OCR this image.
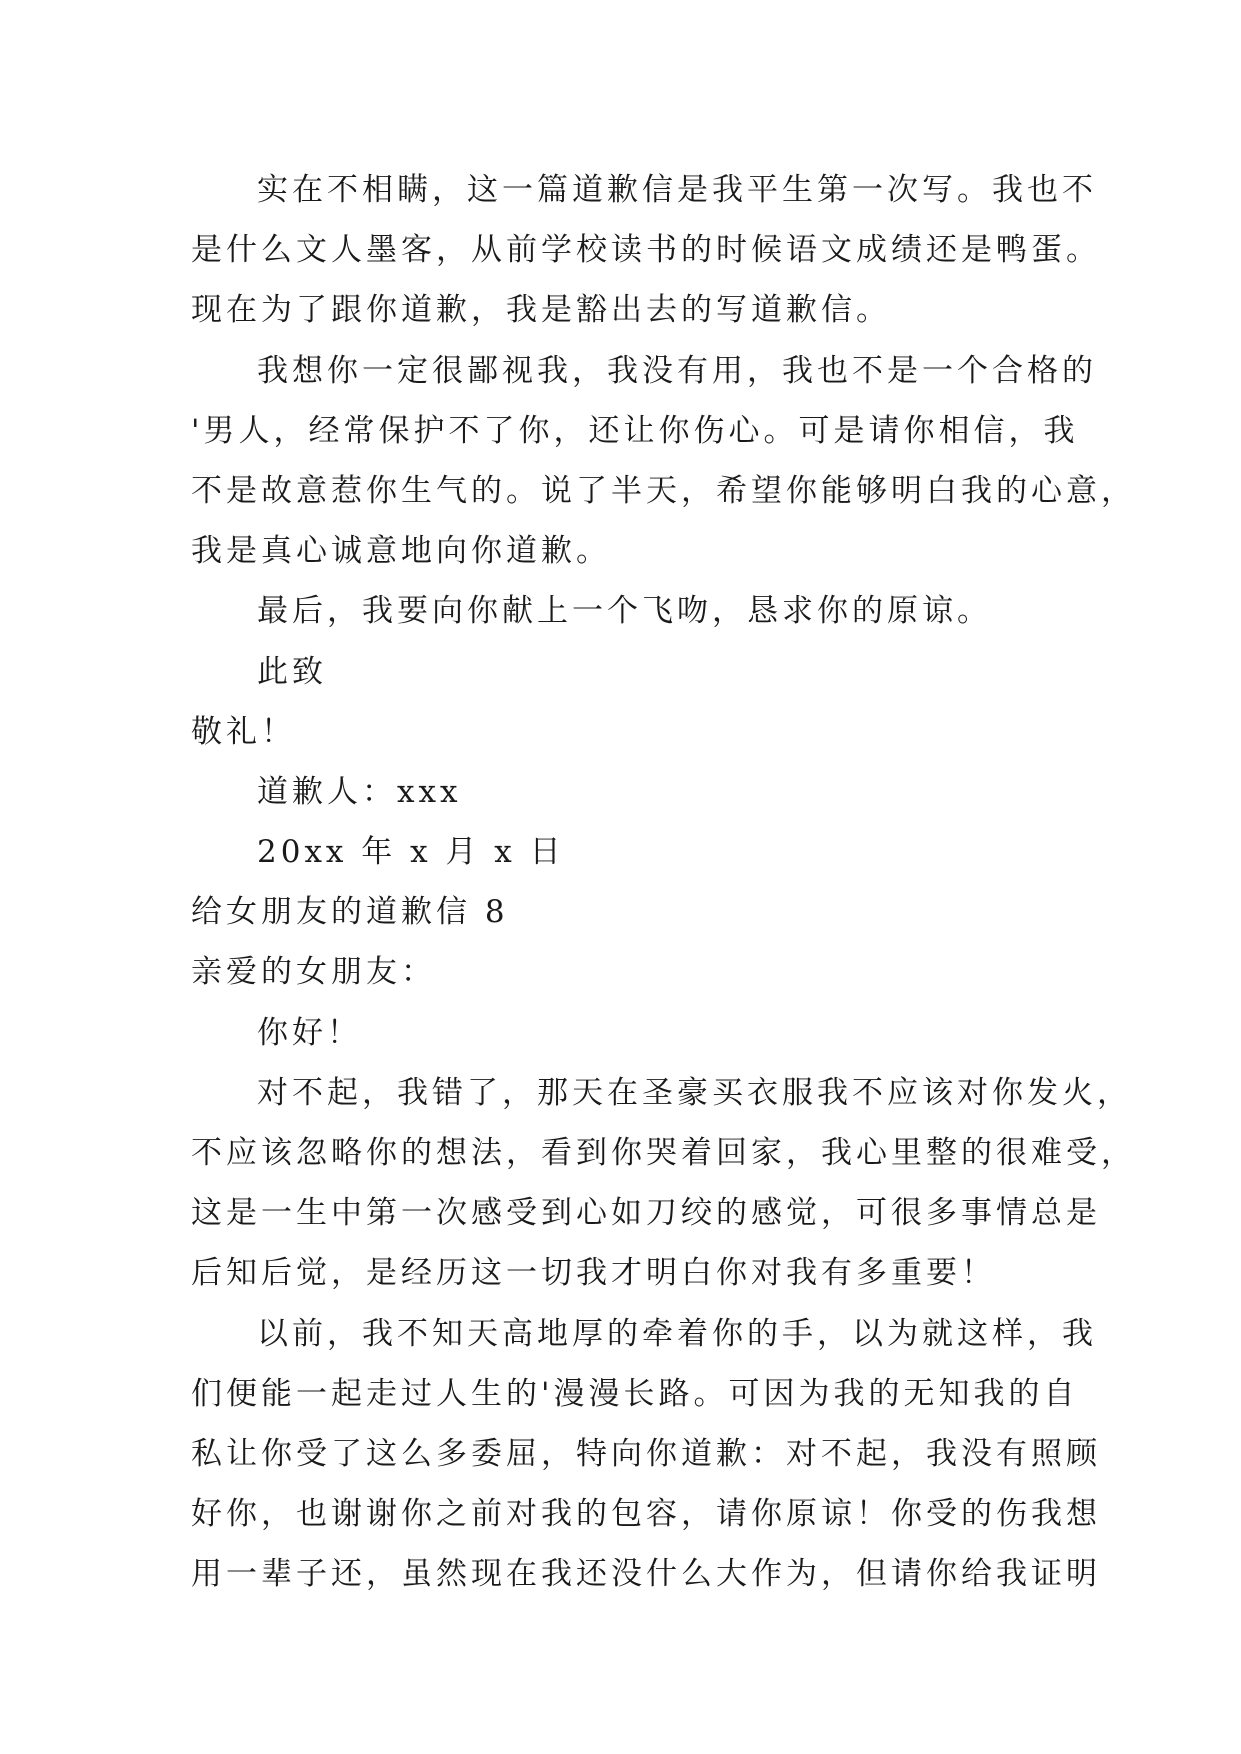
实在不相瞒，这一篇道歉信是我平生第一次写。我也不
是什么文人墨客，从前学校读书的时候语文成绩还是鸭蛋。
现在为了跟你道歉，我是豁出去的写道歉信。
我想你一定很鄙视我，我没有用，我也不是一个合格的
'男人，经常保护不了你，还让你伤心。可是请你相信，我
不是故意惹你生气的。说了半天，希望你能够明白我的心意，
我是真心诚意地向你道歉。
最后，我要向你献上一个飞吻，恳求你的原谅。
此致
敬礼！
道歉人：xxx
20xx 年 x 月 x 日
给女朋友的道歉信 8
亲爱的女朋友：
你好！
对不起，我错了，那天在圣豪买衣服我不应该对你发火，
不应该忽略你的想法，看到你哭着回家，我心里整的很难受，
这是一生中第一次感受到心如刀绞的感觉，可很多事情总是
后知后觉，是经历这一切我才明白你对我有多重要！
以前，我不知天高地厚的牵着你的手，以为就这样，我
们便能一起走过人生的'漫漫长路。可因为我的无知我的自
私让你受了这么多委屈，特向你道歉：对不起，我没有照顾
好你，也谢谢你之前对我的包容，请你原谅！你受的伤我想
用一辈子还，虽然现在我还没什么大作为，但请你给我证明
